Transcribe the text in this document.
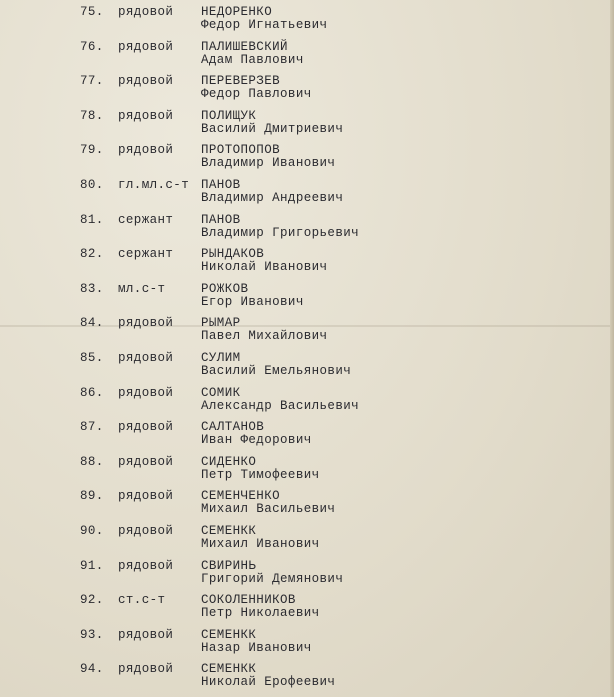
75. рядовой НЕДОРЕНКО
Федор Игнатьевич
76. рядовой ПАЛИШЕВСКИЙ
Адам Павлович
77. рядовой ПЕРЕВЕРЗЕВ
Федор Павлович
78. рядовой ПОЛИЩУК
Василий Дмитриевич
79. рядовой ПРОТОПОПОВ
Владимир Иванович
80. гл.мл.с-т ПАНОВ
Владимир Андреевич
81. сержант ПАНОВ
Владимир Григорьевич
82. сержант РЫНДАКОВ
Николай Иванович
83. мл.с-т	РОЖКОВ
Егор Иванович
84. рядовой РЫМАР
Павел Михайлович
85. рядовой СУЛИМ
Василий Емельянович
86. рядовой СОМИК
Александр Васильевич
87. рядовой САЛТАНОВ
Иван Федорович
88. рядовой СИДЕНКО
Петр Тимофеевич
89. рядовой СЕМЕНЧЕНКО
Михаил Васильевич
90. рядовой СЕМЕНКК
Михаил Иванович
91. рядовой СВИРИНЬ
Григорий Демянович
92. ст.с-т	СОКОЛЕННИКОВ
Петр Николаевич
93. рядовой СЕМЕНКК
Назар Иванович
94. рядовой СЕМЕНКК
Николай Ерофеевич
